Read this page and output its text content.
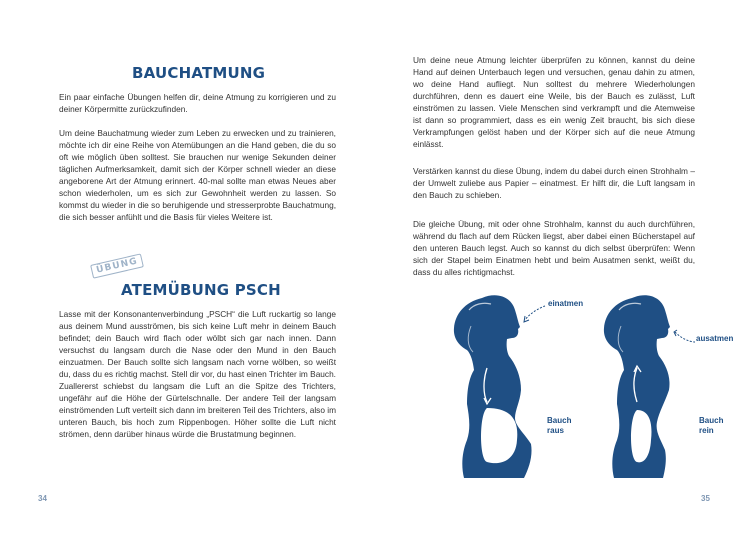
BAUCHATMUNG

Ein paar einfache Übungen helfen dir, deine Atmung zu korrigieren und zu deiner Körpermitte zurückzufinden.

Um deine Bauchatmung wieder zum Leben zu erwecken und zu trainieren, möchte ich dir eine Reihe von Atemübungen an die Hand geben, die du so oft wie möglich üben solltest. Sie brauchen nur wenige Sekunden deiner täglichen Aufmerksamkeit, damit sich der Körper schnell wieder an diese angeborene Art der Atmung erinnert. 40-mal sollte man etwas Neues aber schon wiederholen, um es sich zur Gewohnheit werden zu lassen. So kommst du wieder in die so beruhigende und stresserprobte Bauchatmung, die sich besser anfühlt und die Basis für vieles Weitere ist.

ÜBUNG
ATEMÜBUNG PSCH

Lasse mit der Konsonantenverbindung „PSCH“ die Luft ruckartig so lange aus deinem Mund ausströmen, bis sich keine Luft mehr in deinem Bauch befindet; dein Bauch wird flach oder wölbt sich gar nach innen. Dann versuchst du langsam durch die Nase oder den Mund in den Bauch einzuatmen. Der Bauch sollte sich langsam nach vorne wölben, so weißt du, dass du es richtig machst. Stell dir vor, du hast einen Trichter im Bauch. Zuallererst schiebst du langsam die Luft an die Spitze des Trichters, ungefähr auf die Höhe der Gürtelschnalle. Der andere Teil der langsam einströmenden Luft verteilt sich dann im breiteren Teil des Trichters, also im unteren Bauch, bis hoch zum Rippenbogen. Höher sollte die Luft nicht strömen, denn darüber hinaus würde die Brustatmung beginnen.

34

Um deine neue Atmung leichter überprüfen zu können, kannst du deine Hand auf deinen Unterbauch legen und versuchen, genau dahin zu atmen, wo deine Hand aufliegt. Nun solltest du mehrere Wiederholungen durchführen, denn es dauert eine Weile, bis der Bauch es zulässt, Luft einströmen zu lassen. Viele Menschen sind verkrampft und die Atemweise ist dann so programmiert, dass es ein wenig Zeit braucht, bis sich diese Verkrampfungen gelöst haben und der Körper sich auf die neue Atmung einlässt.

Verstärken kannst du diese Übung, indem du dabei durch einen Strohhalm – der Umwelt zuliebe aus Papier – einatmest. Er hilft dir, die Luft langsam in den Bauch zu schieben.

Die gleiche Übung, mit oder ohne Strohhalm, kannst du auch durchführen, während du flach auf dem Rücken liegst, aber dabei einen Bücherstapel auf den unteren Bauch legst. Auch so kannst du dich selbst überprüfen: Wenn sich der Stapel beim Einatmen hebt und beim Ausatmen senkt, weißt du, dass du alles richtigmachst.

einatmen
ausatmen
Bauch raus
Bauch rein
35
